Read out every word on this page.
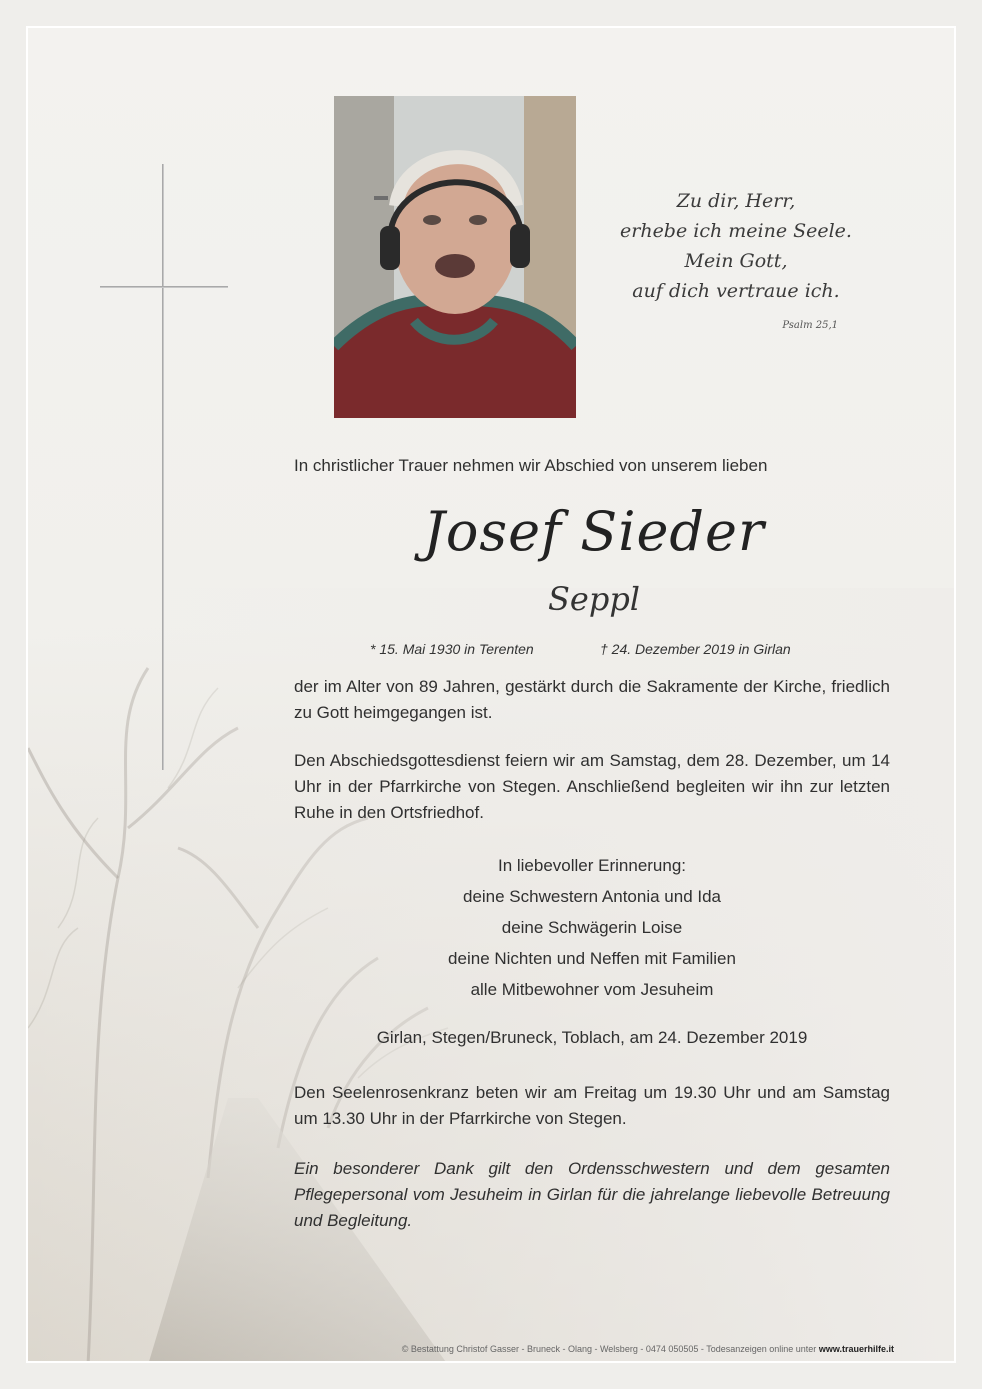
Zu dir, Herr,
erhebe ich meine Seele.
Mein Gott,
auf dich vertraue ich.
Psalm 25,1
In christlicher Trauer nehmen wir Abschied von unserem lieben
Josef Sieder
Seppl
* 15. Mai 1930 in Terenten	† 24. Dezember 2019 in Girlan
der im Alter von 89 Jahren, gestärkt durch die Sakramente der Kirche, friedlich zu Gott heimgegangen ist.
Den Abschiedsgottesdienst feiern wir am Samstag, dem 28. Dezember, um 14 Uhr in der Pfarrkirche von Stegen. Anschließend begleiten wir ihn zur letzten Ruhe in den Ortsfriedhof.
In liebevoller Erinnerung:
deine Schwestern Antonia und Ida
deine Schwägerin Loise
deine Nichten und Neffen mit Familien
alle Mitbewohner vom Jesuheim
Girlan, Stegen/Bruneck, Toblach, am 24. Dezember 2019
Den Seelenrosenkranz beten wir am Freitag um 19.30 Uhr und am Samstag um 13.30 Uhr in der Pfarrkirche von Stegen.
Ein besonderer Dank gilt den Ordensschwestern und dem gesamten Pflegepersonal vom Jesuheim in Girlan für die jahrelange liebevolle Betreuung und Begleitung.
© Bestattung Christof Gasser - Bruneck - Olang - Welsberg - 0474 050505 - Todesanzeigen online unter www.trauerhilfe.it
